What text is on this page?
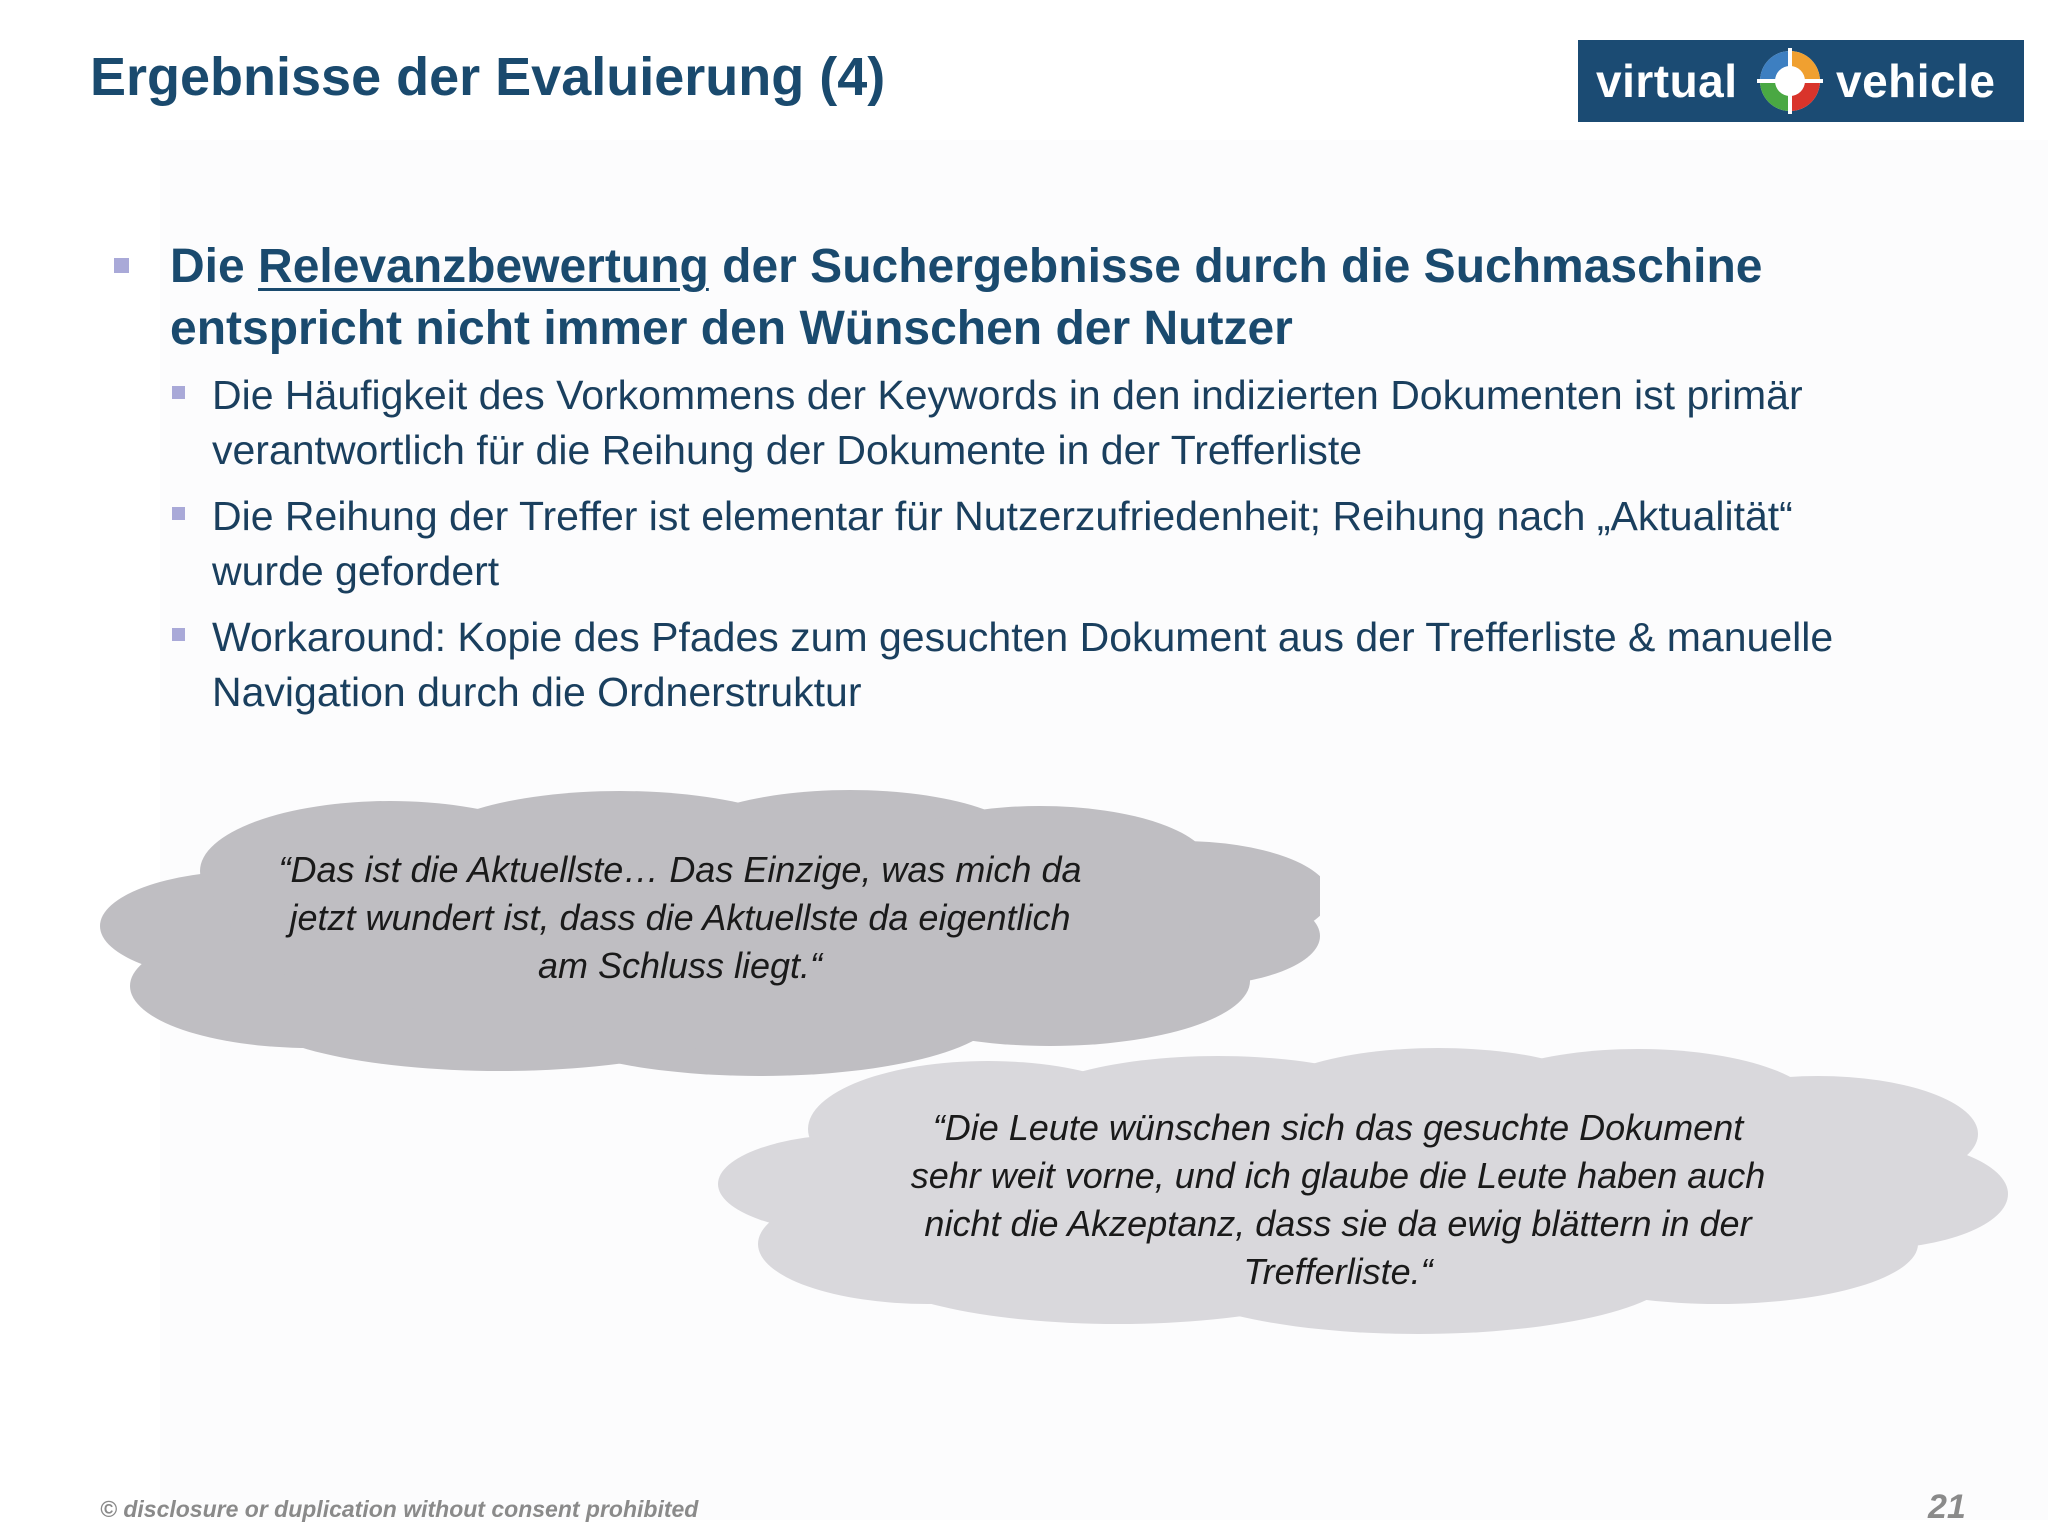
Ergebnisse der Evaluierung (4)	virtual vehicle

Die Relevanzbewertung der Suchergebnisse durch die Suchmaschine entspricht nicht immer den Wünschen der Nutzer

Die Häufigkeit des Vorkommens der Keywords in den indizierten Dokumenten ist primär verantwortlich für die Reihung der Dokumente in der Trefferliste

Die Reihung der Treffer ist elementar für Nutzerzufriedenheit; Reihung nach „Aktualität“ wurde gefordert

Workaround: Kopie des Pfades zum gesuchten Dokument aus der Trefferliste & manuelle Navigation durch die Ordnerstruktur

“Das ist die Aktuellste… Das Einzige, was mich da jetzt wundert ist, dass die Aktuellste da eigentlich am Schluss liegt.“

“Die Leute wünschen sich das gesuchte Dokument sehr weit vorne, und ich glaube die Leute haben auch nicht die Akzeptanz, dass sie da ewig blättern in der Trefferliste.“

© disclosure or duplication without consent prohibited	21
